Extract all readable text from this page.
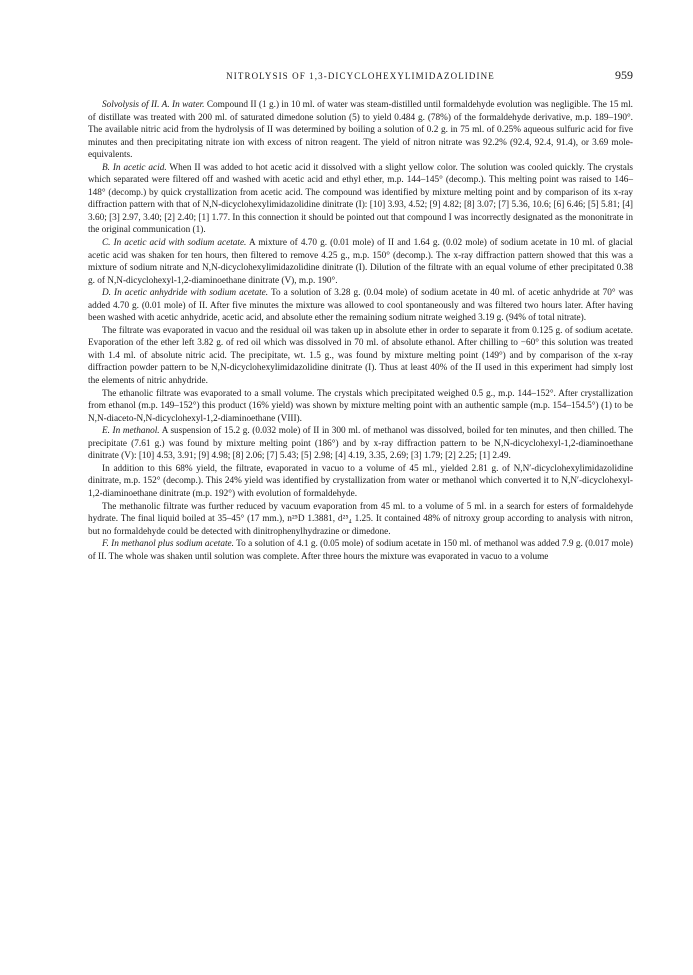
NITROLYSIS OF 1,3-DICYCLOHEXYLIMIDAZOLIDINE	959

Solvolysis of II. A. In water. Compound II (1 g.) in 10 ml. of water was steam-distilled until formaldehyde evolution was negligible. The 15 ml. of distillate was treated with 200 ml. of saturated dimedone solution (5) to yield 0.484 g. (78%) of the formaldehyde derivative, m.p. 189–190°. The available nitric acid from the hydrolysis of II was determined by boiling a solution of 0.2 g. in 75 ml. of 0.25% aqueous sulfuric acid for five minutes and then precipitating nitrate ion with excess of nitron reagent. The yield of nitron nitrate was 92.2% (92.4, 92.4, 91.4), or 3.69 mole-equivalents.

B. In acetic acid. When II was added to hot acetic acid it dissolved with a slight yellow color. The solution was cooled quickly. The crystals which separated were filtered off and washed with acetic acid and ethyl ether, m.p. 144–145° (decomp.). This melting point was raised to 146–148° (decomp.) by quick crystallization from acetic acid. The compound was identified by mixture melting point and by comparison of its x-ray diffraction pattern with that of N,N-dicyclohexylimidazolidine dinitrate (I): [10] 3.93, 4.52; [9] 4.82; [8] 3.07; [7] 5.36, 10.6; [6] 6.46; [5] 5.81; [4] 3.60; [3] 2.97, 3.40; [2] 2.40; [1] 1.77. In this connection it should be pointed out that compound I was incorrectly designated as the mononitrate in the original communication (1).

C. In acetic acid with sodium acetate. A mixture of 4.70 g. (0.01 mole) of II and 1.64 g. (0.02 mole) of sodium acetate in 10 ml. of glacial acetic acid was shaken for ten hours, then filtered to remove 4.25 g., m.p. 150° (decomp.). The x-ray diffraction pattern showed that this was a mixture of sodium nitrate and N,N-dicyclohexylimidazolidine dinitrate (I). Dilution of the filtrate with an equal volume of ether precipitated 0.38 g. of N,N-dicyclohexyl-1,2-diaminoethane dinitrate (V), m.p. 190°.

D. In acetic anhydride with sodium acetate. To a solution of 3.28 g. (0.04 mole) of sodium acetate in 40 ml. of acetic anhydride at 70° was added 4.70 g. (0.01 mole) of II. After five minutes the mixture was allowed to cool spontaneously and was filtered two hours later. After having been washed with acetic anhydride, acetic acid, and absolute ether the remaining sodium nitrate weighed 3.19 g. (94% of total nitrate).

The filtrate was evaporated in vacuo and the residual oil was taken up in absolute ether in order to separate it from 0.125 g. of sodium acetate. Evaporation of the ether left 3.82 g. of red oil which was dissolved in 70 ml. of absolute ethanol. After chilling to −60° this solution was treated with 1.4 ml. of absolute nitric acid. The precipitate, wt. 1.5 g., was found by mixture melting point (149°) and by comparison of the x-ray diffraction powder pattern to be N,N-dicyclohexylimidazolidine dinitrate (I). Thus at least 40% of the II used in this experiment had simply lost the elements of nitric anhydride.

The ethanolic filtrate was evaporated to a small volume. The crystals which precipitated weighed 0.5 g., m.p. 144–152°. After crystallization from ethanol (m.p. 149–152°) this product (16% yield) was shown by mixture melting point with an authentic sample (m.p. 154–154.5°) (1) to be N,N-diaceto-N,N-dicyclohexyl-1,2-diaminoethane (VIII).

E. In methanol. A suspension of 15.2 g. (0.032 mole) of II in 300 ml. of methanol was dissolved, boiled for ten minutes, and then chilled. The precipitate (7.61 g.) was found by mixture melting point (186°) and by x-ray diffraction pattern to be N,N-dicyclohexyl-1,2-diaminoethane dinitrate (V): [10] 4.53, 3.91; [9] 4.98; [8] 2.06; [7] 5.43; [5] 2.98; [4] 4.19, 3.35, 2.69; [3] 1.79; [2] 2.25; [1] 2.49.

In addition to this 68% yield, the filtrate, evaporated in vacuo to a volume of 45 ml., yielded 2.81 g. of N,N′-dicyclohexylimidazolidine dinitrate, m.p. 152° (decomp.). This 24% yield was identified by crystallization from water or methanol which converted it to N,N′-dicyclohexyl-1,2-diaminoethane dinitrate (m.p. 192°) with evolution of formaldehyde.

The methanolic filtrate was further reduced by vacuum evaporation from 45 ml. to a volume of 5 ml. in a search for esters of formaldehyde hydrate. The final liquid boiled at 35–45° (17 mm.), n²⁵D 1.3881, d²⁵₄ 1.25. It contained 48% of nitroxy group according to analysis with nitron, but no formaldehyde could be detected with dinitrophenylhydrazine or dimedone.

F. In methanol plus sodium acetate. To a solution of 4.1 g. (0.05 mole) of sodium acetate in 150 ml. of methanol was added 7.9 g. (0.017 mole) of II. The whole was shaken until solution was complete. After three hours the mixture was evaporated in vacuo to a volume
